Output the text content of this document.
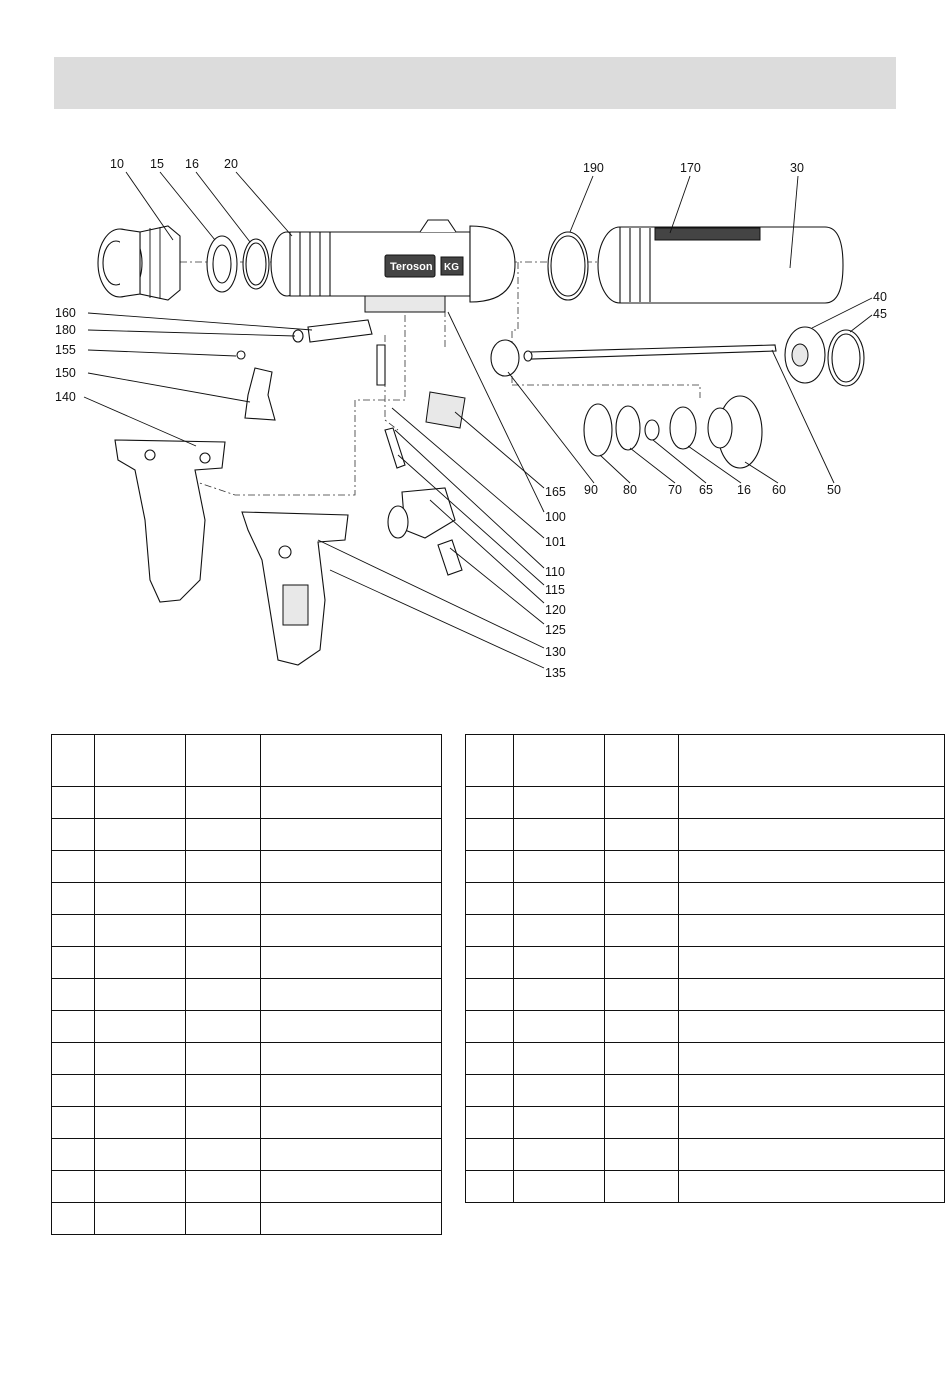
Teroson KG
10 15 16 20	190	170	30
40
45
160
180
155
150
140
165
100
101
110
115
120
125
130
135
90 80 70 65 16 60	50
